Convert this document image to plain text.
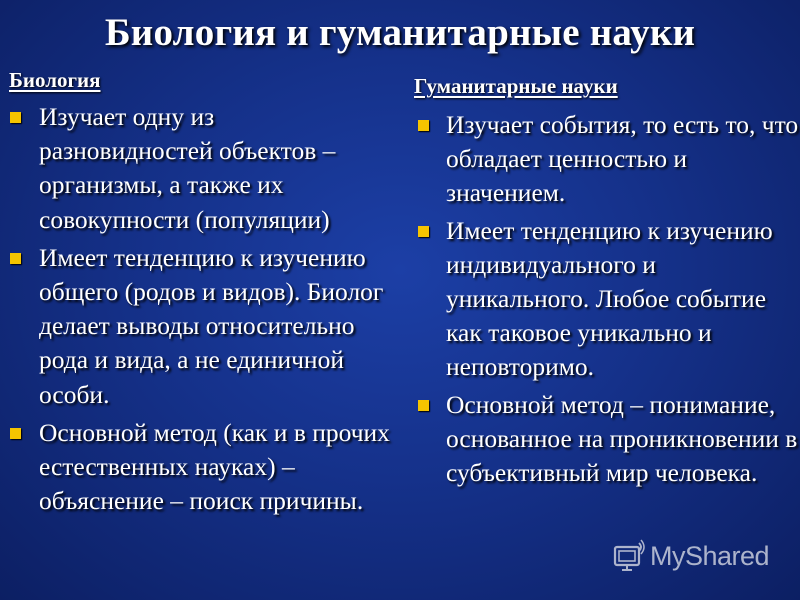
Биология и гуманитарные науки
Биология
Изучает одну из разновидностей объектов – организмы, а также их совокупности (популяции)
Имеет тенденцию к изучению общего (родов и видов). Биолог делает выводы относительно рода и вида, а не единичной особи.
Основной метод (как и в прочих естественных науках) – объяснение – поиск причины.
Гуманитарные науки
Изучает события, то есть то, что обладает ценностью и значением.
Имеет тенденцию к изучению индивидуального и уникального. Любое событие как таковое уникально и неповторимо.
Основной метод – понимание, основанное на проникновении в субъективный мир человека.
MyShared
